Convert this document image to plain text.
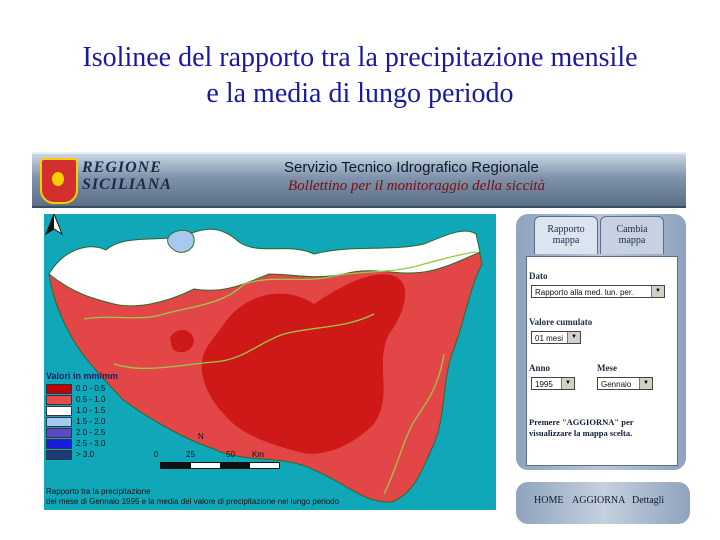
Isolinee del rapporto tra la precipitazione mensile
e la media di lungo periodo
REGIONE
SICILIANA
Servizio Tecnico Idrografico Regionale
Bollettino per il monitoraggio della siccità
Valori in mm/mm
0.0 - 0.5
0.5 - 1.0
1.0 - 1.5
1.5 - 2.0
2.0 - 2.5
2.5 - 3.0
> 3.0
N
0	25	50 Km
Rapporto tra la precipitazione
del mese di Gennaio 1995 e la media del valore di precipitazione nel lungo periodo
Rapporto
mappa
Cambia
mappa
Dato
Rapporto alla med. lun. per.	▼
Valore cumulato
01 mesi	▼
Anno
1995	▼
Mese
Gennaio	▼
Premere "AGGIORNA" per visualizzare la mappa scelta.
HOME AGGIORNA Dettagli
